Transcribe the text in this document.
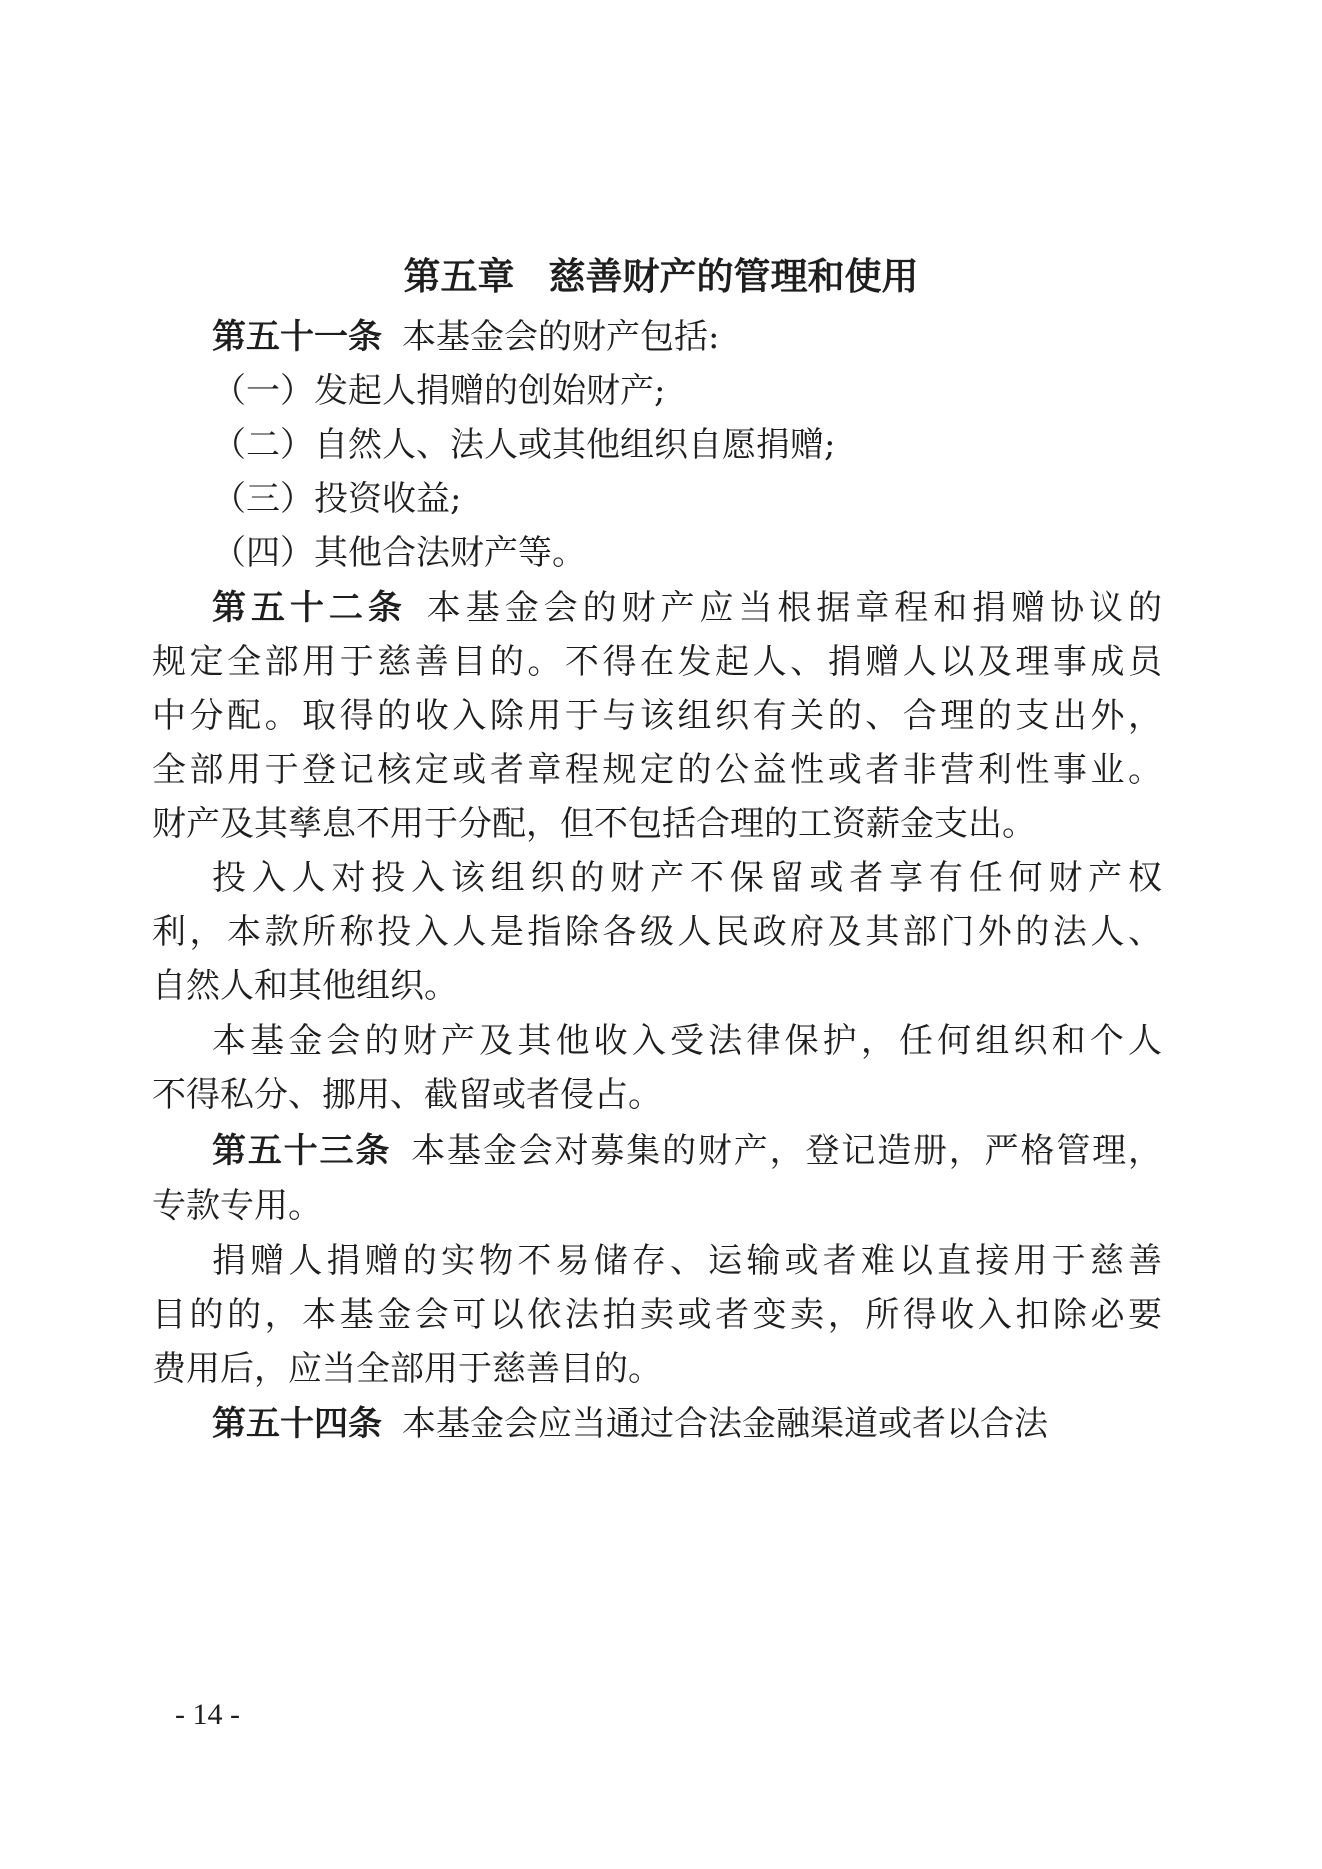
第五章 慈善财产的管理和使用

第五十一条 本基金会的财产包括:

（一）发起人捐赠的创始财产;

（二）自然人、法人或其他组织自愿捐赠;

（三）投资收益;

（四）其他合法财产等。

第五十二条 本基金会的财产应当根据章程和捐赠协议的

规定全部用于慈善目的。不得在发起人、捐赠人以及理事成员

中分配。取得的收入除用于与该组织有关的、合理的支出外，

全部用于登记核定或者章程规定的公益性或者非营利性事业。

财产及其孳息不用于分配，但不包括合理的工资薪金支出。

投入人对投入该组织的财产不保留或者享有任何财产权

利，本款所称投入人是指除各级人民政府及其部门外的法人、

自然人和其他组织。

本基金会的财产及其他收入受法律保护，任何组织和个人

不得私分、挪用、截留或者侵占。

第五十三条 本基金会对募集的财产，登记造册，严格管理，

专款专用。

捐赠人捐赠的实物不易储存、运输或者难以直接用于慈善

目的的，本基金会可以依法拍卖或者变卖，所得收入扣除必要

费用后，应当全部用于慈善目的。

第五十四条 本基金会应当通过合法金融渠道或者以合法

- 14 -
